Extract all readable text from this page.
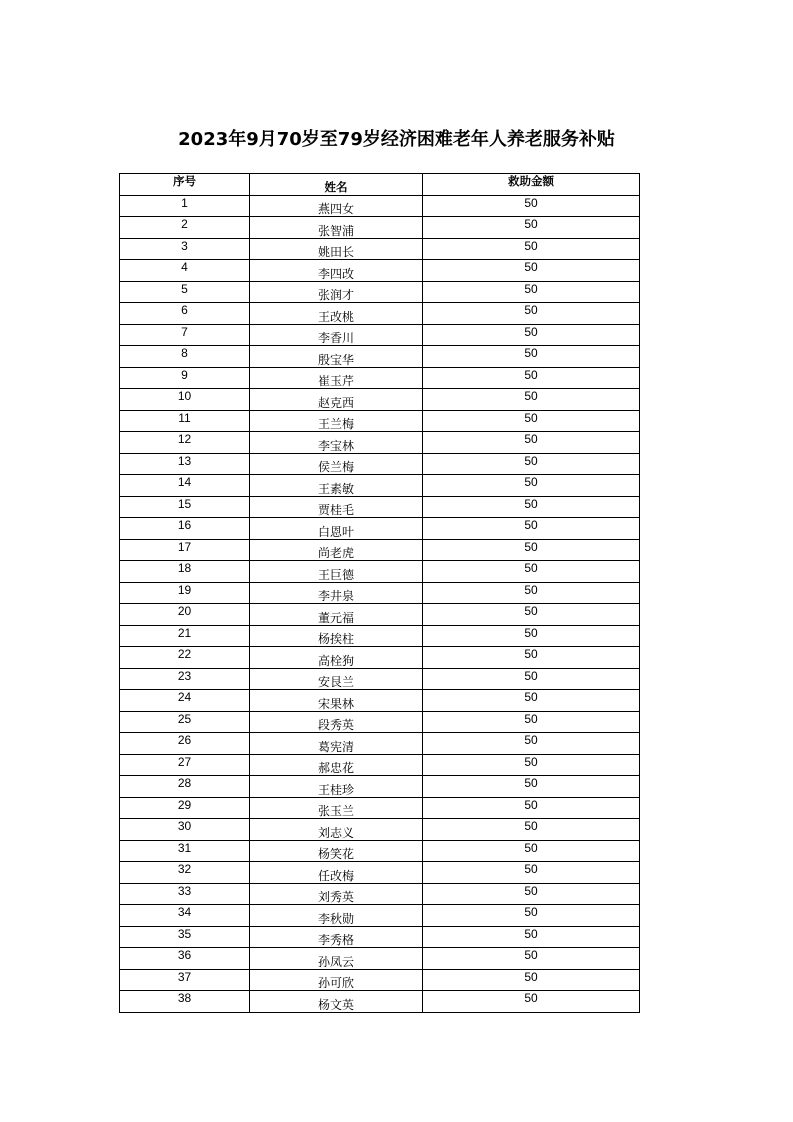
2023年9月70岁至79岁经济困难老年人养老服务补贴
序号	姓名	救助金额
1	燕四女	50
2	张智浦	50
3	姚田长	50
4	李四改	50
5	张润才	50
6	王改桃	50
7	李香川	50
8	殷宝华	50
9	崔玉芹	50
10	赵克西	50
11	王兰梅	50
12	李宝林	50
13	侯兰梅	50
14	王素敏	50
15	贾桂毛	50
16	白恩叶	50
17	尚老虎	50
18	王巨德	50
19	李井泉	50
20	董元福	50
21	杨挨柱	50
22	高栓狗	50
23	安艮兰	50
24	宋果林	50
25	段秀英	50
26	葛宪清	50
27	郝忠花	50
28	王桂珍	50
29	张玉兰	50
30	刘志义	50
31	杨笑花	50
32	任改梅	50
33	刘秀英	50
34	李秋勋	50
35	李秀格	50
36	孙凤云	50
37	孙可欣	50
38	杨文英	50
